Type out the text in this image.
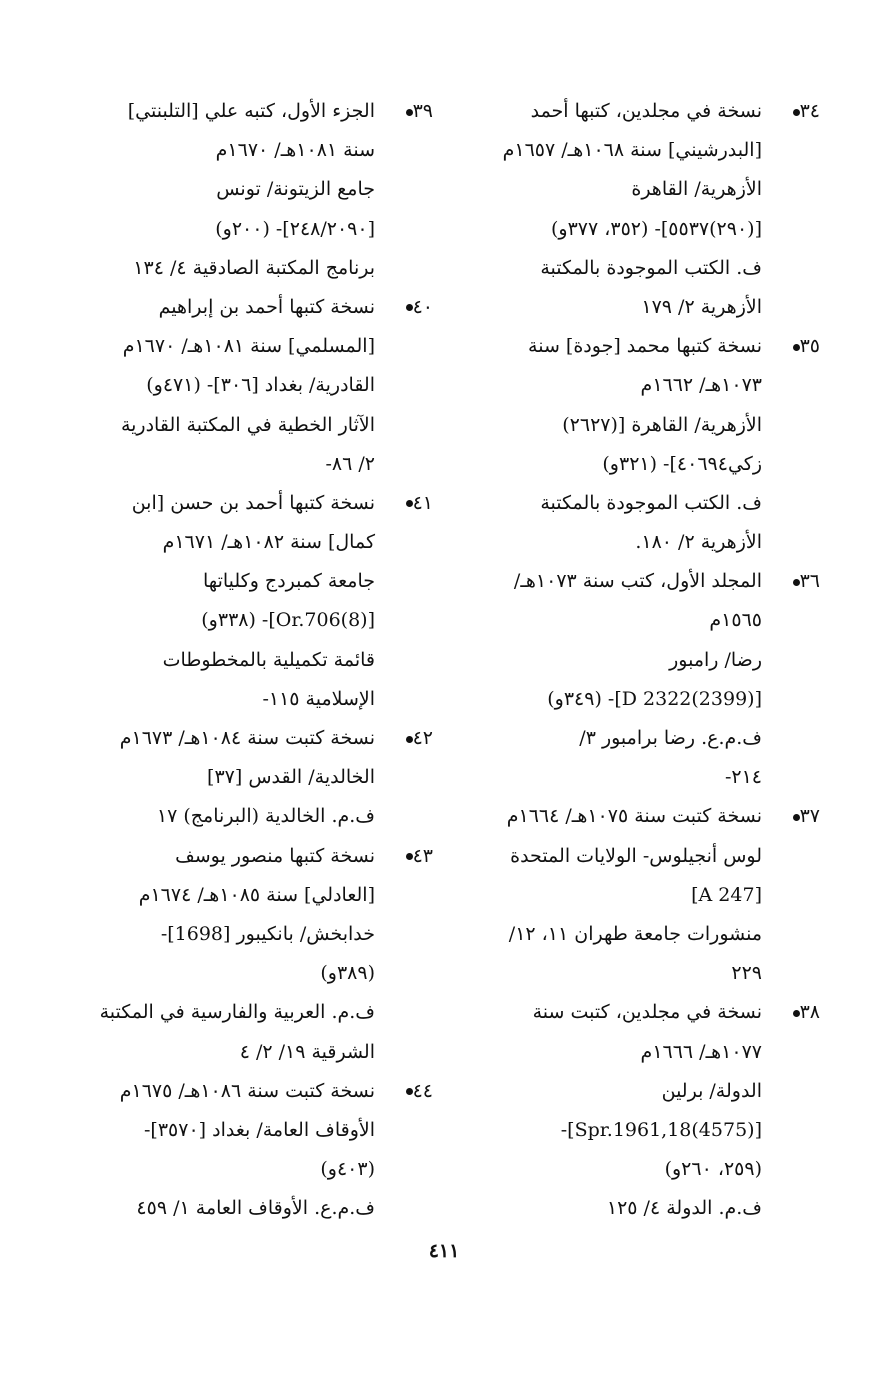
٣٤
نسخة في مجلدين، كتبها أحمد
[البدرشيني] سنة ١٠٦٨هـ/ ١٦٥٧م
الأزهرية/ القاهرة
[(٢٩٠)٥٥٣٧]- (٣٥٢، ٣٧٧و)
ف. الكتب الموجودة بالمكتبة
الأزهرية ٢/ ١٧٩
٣٥
نسخة كتبها محمد [جودة] سنة
١٠٧٣هـ/ ١٦٦٢م
الأزهرية/ القاهرة [(٢٦٢٧)
زكي٤٠٦٩٤]- (٣٢١و)
ف. الكتب الموجودة بالمكتبة
الأزهرية ٢/ ١٨٠.
٣٦
المجلد الأول، كتب سنة ١٠٧٣هـ/
١٥٦٥م
رضا/ رامبور
[D 2322(2399)]- (٣٤٩و)
ف.م.ع. رضا برامبور ٣/
٢١٤-
٣٧
نسخة كتبت سنة ١٠٧٥هـ/ ١٦٦٤م
لوس أنجيلوس- الولايات المتحدة
[A 247]
منشورات جامعة طهران ١١، ١٢/
٢٢٩
٣٨
نسخة في مجلدين، كتبت سنة
١٠٧٧هـ/ ١٦٦٦م
الدولة/ برلين
[Spr.1961,18(4575)]-
(٢٥٩، ٢٦٠و)
ف.م. الدولة ٤/ ١٢٥
٣٩
الجزء الأول، كتبه علي [التلبنتي]
سنة ١٠٨١هـ/ ١٦٧٠م
جامع الزيتونة/ تونس
[٢٤٨/٢٠٩٠]- (٢٠٠و)
برنامج المكتبة الصادقية ٤/ ١٣٤
٤٠
نسخة كتبها أحمد بن إبراهيم
[المسلمي] سنة ١٠٨١هـ/ ١٦٧٠م
القادرية/ بغداد [٣٠٦]- (٤٧١و)
الآثار الخطية في المكتبة القادرية
٢/ ٨٦-
٤١
نسخة كتبها أحمد بن حسن [ابن
كمال] سنة ١٠٨٢هـ/ ١٦٧١م
جامعة كمبردج وكلياتها
[Or.706(8)]- (٣٣٨و)
قائمة تكميلية بالمخطوطات
الإسلامية ١١٥-
٤٢
نسخة كتبت سنة ١٠٨٤هـ/ ١٦٧٣م
الخالدية/ القدس [٣٧]
ف.م. الخالدية (البرنامج) ١٧
٤٣
نسخة كتبها منصور يوسف
[العادلي] سنة ١٠٨٥هـ/ ١٦٧٤م
خدابخش/ بانكيبور [1698]-
(٣٨٩و)
ف.م. العربية والفارسية في المكتبة
الشرقية ١٩/ ٢/ ٤
٤٤
نسخة كتبت سنة ١٠٨٦هـ/ ١٦٧٥م
الأوقاف العامة/ بغداد [٣٥٧٠]-
(٤٠٣و)
ف.م.ع. الأوقاف العامة ١/ ٤٥٩
٤١١
